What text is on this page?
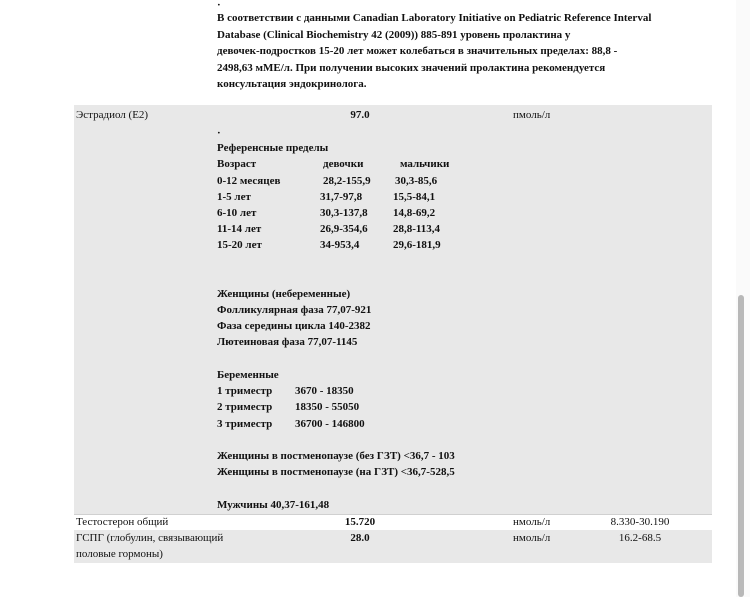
·

В соответствии с данными Canadian Laboratory Initiative on Pediatric Reference Interval

Database (Clinical Biochemistry 42 (2009)) 885-891 уровень пролактина у

девочек-подростков 15-20 лет может колебаться в значительных пределах: 88,8 -

2498,63 мМЕ/л. При получении высоких значений пролактина рекомендуется

консультация эндокринолога.

Эстрадиол (E2)	97.0	пмоль/л
·
Референсные пределы
Возраст	девочки	мальчики
0-12 месяцев	28,2-155,9 30,3-85,6
1-5 лет	31,7-97,8	15,5-84,1
6-10 лет	30,3-137,8 14,8-69,2
11-14 лет	26,9-354,6 28,8-113,4
15-20 лет	34-953,4	29,6-181,9
Женщины (небеременные)
Фолликулярная фаза 77,07-921
Фаза середины цикла 140-2382
Лютеиновая фаза 77,07-1145
Беременные
1 триместр 3670 - 18350
2 триместр 18350 - 55050
3 триместр 36700 - 146800
Женщины в постменопаузе (без ГЗТ) <36,7 - 103
Женщины в постменопаузе (на ГЗТ) <36,7-528,5
Мужчины 40,37-161,48
Тестостерон общий	15.720	нмоль/л	8.330-30.190
ГСПГ (глобулин, связывающий
половые гормоны)
28.0	нмоль/л	16.2-68.5
